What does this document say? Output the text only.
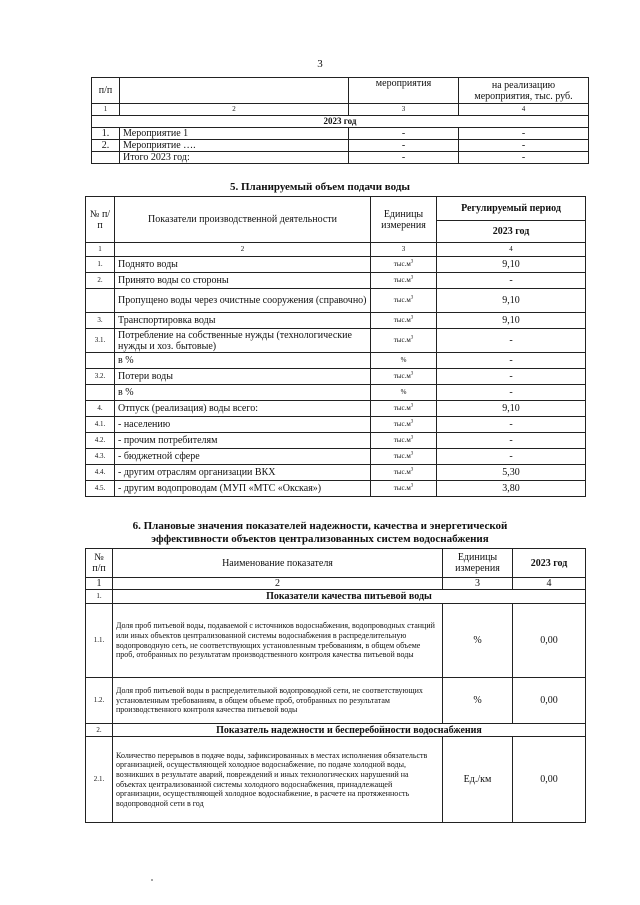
3
п/п		мероприятия	на реализацию мероприятия, тыс. руб.
1	2	3	4
2023 год			
1.	Мероприятие 1	-	-
2.	Мероприятие ….	-	-
	Итого 2023 год:	-	-
5. Планируемый объем подачи воды
№ п/п	Показатели производственной деятельности	Единицы измерения	Регулируемый период
			2023 год
1	2	3	4
1.	Поднято воды	$тыс.м^3$	9,10
2.	Принято воды со стороны	$тыс.м^3$	-
	Пропущено воды через очистные сооружения (справочно)	$тыс.м^3$	9,10
3.	Транспортировка воды	$тыс.м^3$	9,10
3.1.	Потребление на собственные нужды (технологические нужды и хоз. бытовые)	$тыс.м^3$	-
	в %	%	-
3.2.	Потери воды	$тыс.м^3$	-
	в %	%	-
4.	Отпуск (реализация) воды всего:	$тыс.м^3$	9,10
4.1.	- населению	$тыс.м^3$	-
4.2.	- прочим потребителям	$тыс.м^3$	-
4.3.	- бюджетной сфере	$тыс.м^3$	-
4.4.	- другим отраслям организации ВКХ	$тыс.м^3$	5,30
4.5.	- другим водопроводам (МУП «МТС «Окская»)	$тыс.м^3$	3,80
6. Плановые значения показателей надежности, качества и энергетической
эффективности объектов централизованных систем водоснабжения
№ п/п	Наименование показателя	Единицы измерения	2023 год
1	2	3	4
1.	Показатели качества питьевой воды		
1.1.	Доля проб питьевой воды, подаваемой с источников водоснабжения, водопроводных станций или иных объектов централизованной системы водоснабжения в распределительную водопроводную сеть, не соответствующих установленным требованиям, в общем объеме проб, отобранных по результатам производственного контроля качества питьевой воды	%	0,00
1.2.	Доля проб питьевой воды в распределительной водопроводной сети, не соответствующих установленным требованиям, в общем объеме проб, отобранных по результатам производственного контроля качества питьевой воды	%	0,00
2.	Показатель надежности и бесперебойности водоснабжения		
2.1.	Количество перерывов в подаче воды, зафиксированных в местах исполнения обязательств организацией, осуществляющей холодное водоснабжение, по подаче холодной воды, возникших в результате аварий, повреждений и иных технологических нарушений на объектах централизованной системы холодного водоснабжения, принадлежащей организации, осуществляющей холодное водоснабжение, в расчете на протяженность водопроводной сети в год	Ед./км	0,00
